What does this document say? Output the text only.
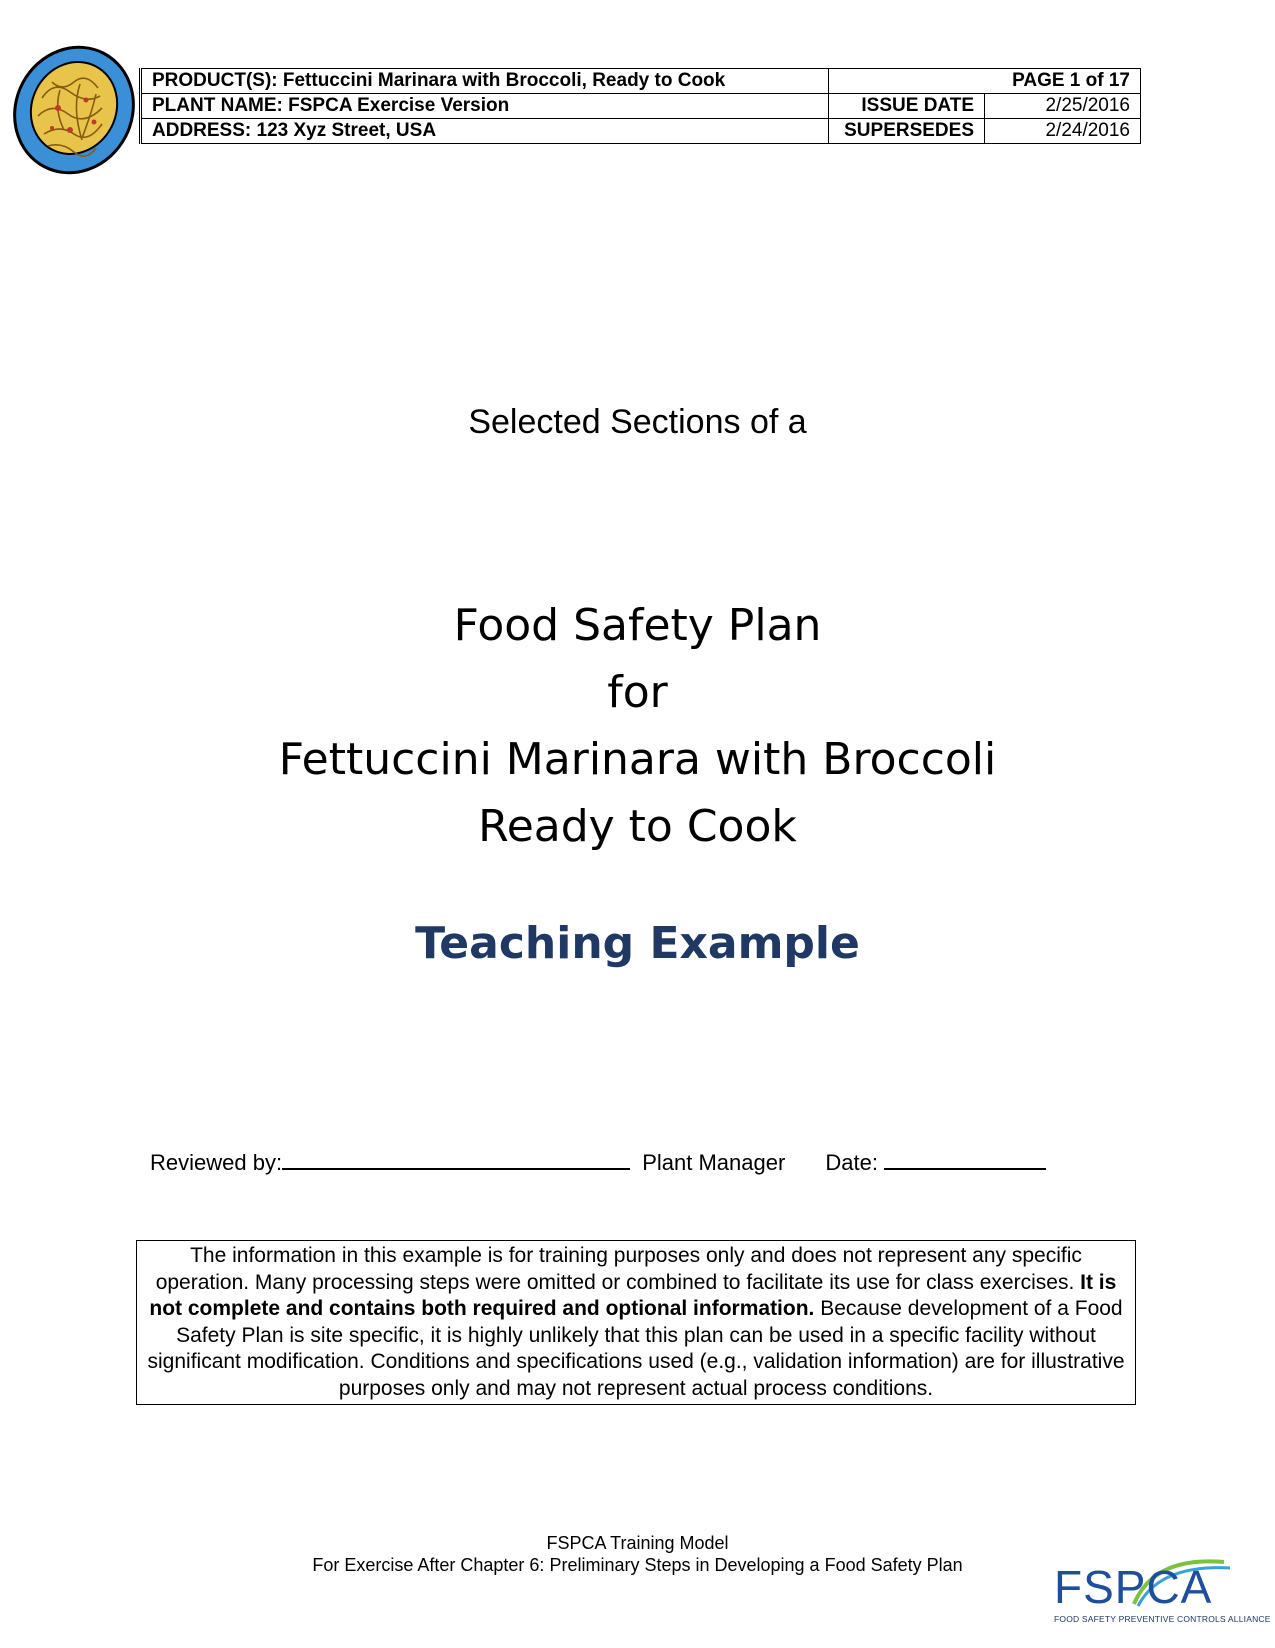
PRODUCT(S): Fettuccini Marinara with Broccoli, Ready to Cook	PAGE 1 of 17	
PLANT NAME: FSPCA Exercise Version	ISSUE DATE	2/25/2016
ADDRESS: 123 Xyz Street, USA	SUPERSEDES	2/24/2016
Selected Sections of a
Food Safety Plan
for
Fettuccini Marinara with Broccoli
Ready to Cook
Teaching Example
Reviewed by:	Plant Manager Date:
The information in this example is for training purposes only and does not represent any specific operation. Many processing steps were omitted or combined to facilitate its use for class exercises. It is not complete and contains both required and optional information. Because development of a Food Safety Plan is site specific, it is highly unlikely that this plan can be used in a specific facility without significant modification. Conditions and specifications used (e.g., validation information) are for illustrative purposes only and may not represent actual process conditions.
FSPCA Training Model
For Exercise After Chapter 6: Preliminary Steps in Developing a Food Safety Plan	FSPCA
FOOD SAFETY PREVENTIVE CONTROLS ALLIANCE
